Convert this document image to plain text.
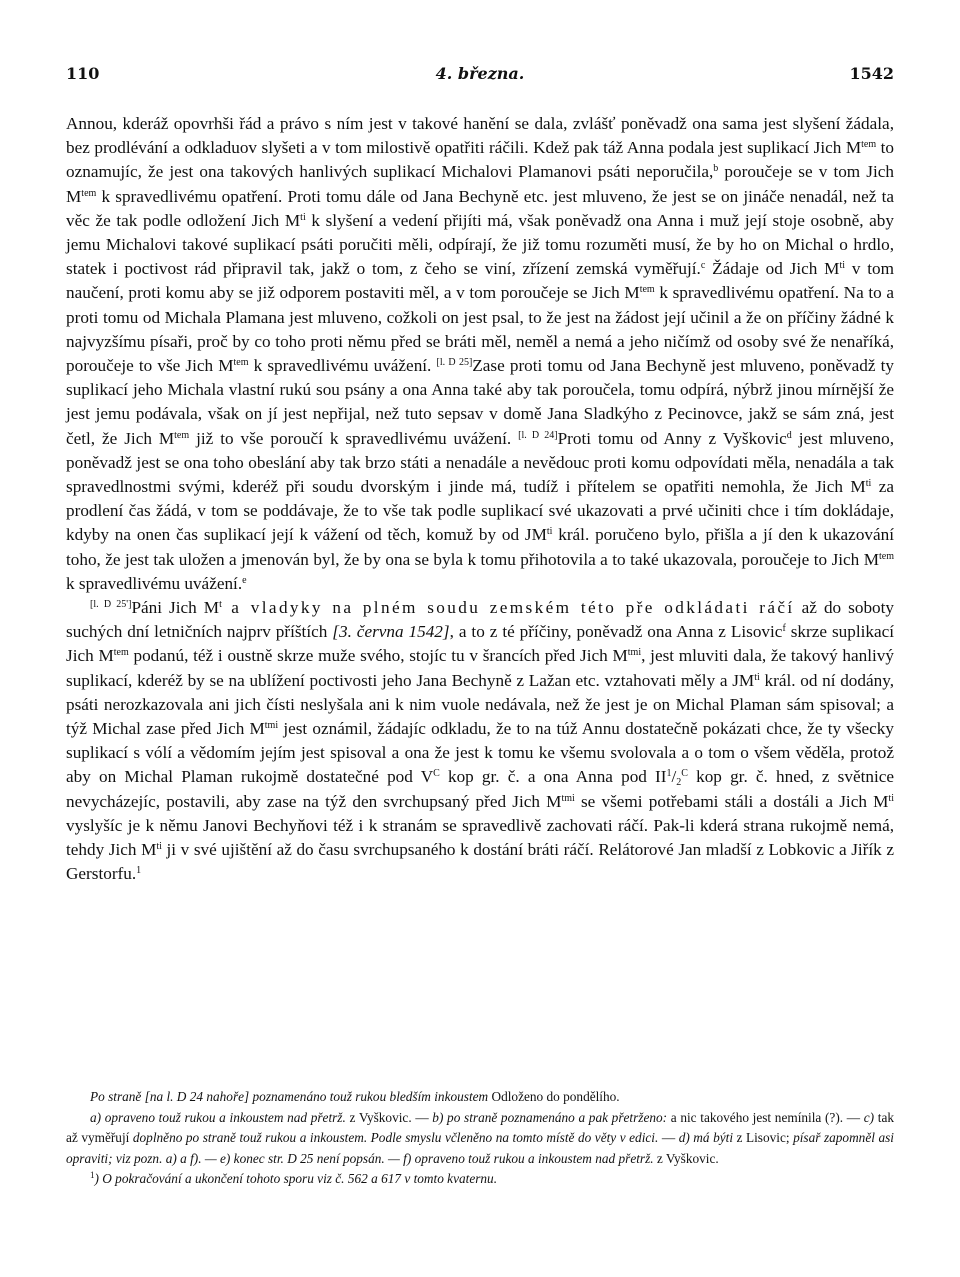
110	4. března.	1542

Annou, kderáž opovrhši řád a právo s ním jest v takové hanění se dala, zvlášť poněvadž ona sama jest slyšení žádala, bez prodlévání a odkladuov slyšeti a v tom milostivě opatřiti ráčili. Kdež pak táž Anna podala jest suplikací Jich $M^{tem}$ to oznamujíc, že jest ona takových hanlivých suplikací Michalovi Plamanovi psáti neporučila,$^b$ poroučeje se v tom Jich $M^{tem}$ k spravedlivému opatření. Proti tomu dále od Jana Bechyně etc. jest mluveno, že jest se on jináče nenadál, než ta věc že tak podle odložení Jich $M^{ti}$ k slyšení a vedení přijíti má, však poněvadž ona Anna i muž její stoje osobně, aby jemu Michalovi takové suplikací psáti poručiti měli, odpírají, že již tomu rozuměti musí, že by ho on Michal o hrdlo, statek i poctivost rád připravil tak, jakž o tom, z čeho se viní, zřízení zemská vyměřují.$^c$ Žádaje od Jich $M^{ti}$ v tom naučení, proti komu aby se již odporem postaviti měl, a v tom poroučeje se Jich $M^{tem}$ k spravedlivému opatření. Na to a proti tomu od Michala Plamana jest mluveno, cožkoli on jest psal, to že jest na žádost její učinil a že on příčiny žádné k najvyzšímu písaři, proč by co toho proti němu před se bráti měl, neměl a nemá a jeho ničímž od osoby své že nenaříká, poroučeje to vše Jich $M^{tem}$ k spravedlivému uvážení. [l. D 25]Zase proti tomu od Jana Bechyně jest mluveno, poněvadž ty suplikací jeho Michala vlastní rukú sou psány a ona Anna také aby tak poroučela, tomu odpírá, nýbrž jinou mírnější že jest jemu podávala, však on jí jest nepřijal, než tuto sepsav v domě Jana Sladkýho z Pecinovce, jakž se sám zná, jest četl, že Jich $M^{tem}$ již to vše poroučí k spravedlivému uvážení. [l. D 24]Proti tomu od Anny z Vyškovic$^d$ jest mluveno, poněvadž jest se ona toho obeslání aby tak brzo státi a nenadále a nevědouc proti komu odpovídati měla, nenadála a tak spravedlnostmi svými, kderéž při soudu dvorským i jinde má, tudíž i přítelem se opatřiti nemohla, že Jich $M^{ti}$ za prodlení čas žádá, v tom se poddávaje, že to vše tak podle suplikací své ukazovati a prvé učiniti chce i tím dokládaje, kdyby na onen čas suplikací její k vážení od těch, komuž by od $JM^{ti}$ král. poručeno bylo, přišla a jí den k ukazování toho, že jest tak uložen a jmenován byl, že by ona se byla k tomu přihotovila a to také ukazovala, poroučeje to Jich $M^{tem}$ k spravedlivému uvážení.$^e$

[l. D 25']Páni Jich $M^t$ a vladyky na plném soudu zemském této pře odkládati ráčí až do soboty suchých dní letničních najprv příštích [3. června 1542], a to z té příčiny, poněvadž ona Anna z Lisovic$^f$ skrze suplikací Jich $M^{tem}$ podanú, též i oustně skrze muže svého, stojíc tu v šrancích před Jich $M^{tmi}$, jest mluviti dala, že takový hanlivý suplikací, kderéž by se na ublížení poctivosti jeho Jana Bechyně z Lažan etc. vztahovati měly a $JM^{ti}$ král. od ní dodány, psáti nerozkazovala ani jich čísti neslyšala ani k nim vuole nedávala, než že jest je on Michal Plaman sám spisoval; a týž Michal zase před Jich $M^{tmi}$ jest oznámil, žádajíc odkladu, že to na túž Annu dostatečně pokázati chce, že ty všecky suplikací s vólí a vědomím jejím jest spisoval a ona že jest k tomu ke všemu svolovala a o tom o všem věděla, protož aby on Michal Plaman rukojmě dostatečné pod $V^C$ kop gr. č. a ona Anna pod $II^1/_2^C$ kop gr. č. hned, z světnice nevycházejíc, postavili, aby zase na týž den svrchupsaný před Jich $M^{tmi}$ se všemi potřebami stáli a dostáli a Jich $M^{ti}$ vyslyšíc je k němu Janovi Bechyňovi též i k stranám se spravedlivě zachovati ráčí. Pak-li kderá strana rukojmě nemá, tehdy Jich $M^{ti}$ ji v své ujištění až do času svrchupsaného k dostání bráti ráčí. Relátorové Jan mladší z Lobkovic a Jiřík z Gerstorfu.$^1$

Po straně [na l. D 24 nahoře] poznamenáno touž rukou bledším inkoustem Odloženo do pondělího.

a) opraveno touž rukou a inkoustem nad přetrž. z Vyškovic. — b) po straně poznamenáno a pak přetrženo: a nic takového jest nemínila (?). — c) tak až vyměřují doplněno po straně touž rukou a inkoustem. Podle smyslu včleněno na tomto místě do věty v edici. — d) má býti z Lisovic; písař zapomněl asi opraviti; viz pozn. a) a f). — e) konec str. D 25 není popsán. — f) opraveno touž rukou a inkoustem nad přetrž. z Vyškovic.

$^1$) O pokračování a ukončení tohoto sporu viz č. 562 a 617 v tomto kvaternu.
